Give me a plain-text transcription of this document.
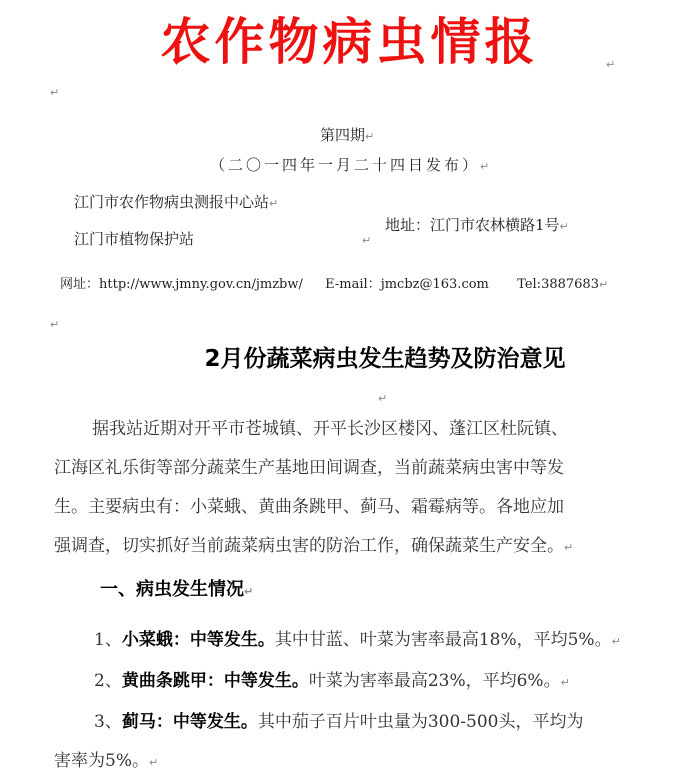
农作物病虫情报	↵
↵
第四期↵
（二〇一四年一月二十四日发布）↵
江门市农作物病虫测报中心站↵
江门市植物保护站	↵
地址：江门市农林横路1号↵
网址：http://www.jmny.gov.cn/jmzbw/ E-mail：jmcbz@163.com Tel:3887683↵
↵
2月份蔬菜病虫发生趋势及防治意见
↵
据我站近期对开平市苍城镇、开平长沙区楼冈、蓬江区杜阮镇、
江海区礼乐街等部分蔬菜生产基地田间调查，当前蔬菜病虫害中等发
生。主要病虫有：小菜蛾、黄曲条跳甲、蓟马、霜霉病等。各地应加
强调查，切实抓好当前蔬菜病虫害的防治工作，确保蔬菜生产安全。↵
一、病虫发生情况↵
1、小菜蛾：中等发生。其中甘蓝、叶菜为害率最高18%，平均5%。↵
2、黄曲条跳甲：中等发生。叶菜为害率最高23%，平均6%。↵
3、蓟马：中等发生。其中茄子百片叶虫量为300-500头，平均为
害率为5%。↵
